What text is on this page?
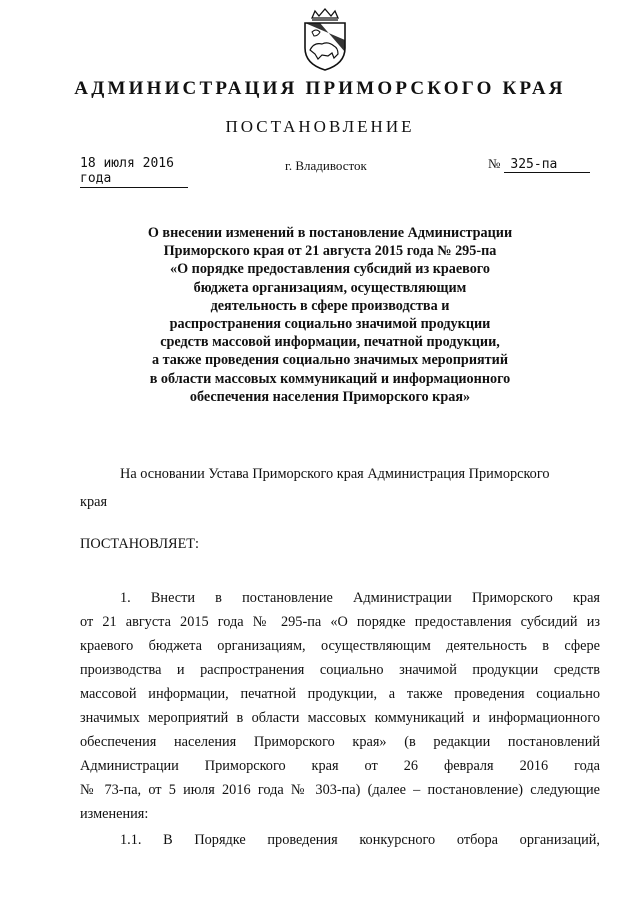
АДМИНИСТРАЦИЯ ПРИМОРСКОГО КРАЯ
ПОСТАНОВЛЕНИЕ
18 июля 2016 года
г. Владивосток	№ 325-па
О внесении изменений в постановление Администрации
Приморского края от 21 августа 2015 года № 295-па
«О порядке предоставления субсидий из краевого
бюджета организациям, осуществляющим
деятельность в сфере производства и
распространения социально значимой продукции
средств массовой информации, печатной продукции,
а также проведения социально значимых мероприятий
в области массовых коммуникаций и информационного
обеспечения населения Приморского края»
На основании Устава Приморского края Администрация Приморского
края
ПОСТАНОВЛЯЕТ:
1. Внести в постановление Администрации Приморского края
от 21 августа 2015 года № 295-па «О порядке предоставления субсидий из
краевого бюджета организациям, осуществляющим деятельность в сфере
производства и распространения социально значимой продукции средств
массовой информации, печатной продукции, а также проведения социально
значимых мероприятий в области массовых коммуникаций и информационного
обеспечения населения Приморского края» (в редакции постановлений
Администрации Приморского края от 26 февраля 2016 года
№ 73-па, от 5 июля 2016 года № 303-па) (далее – постановление) следующие
изменения:
1.1. В Порядке проведения конкурсного отбора организаций,
